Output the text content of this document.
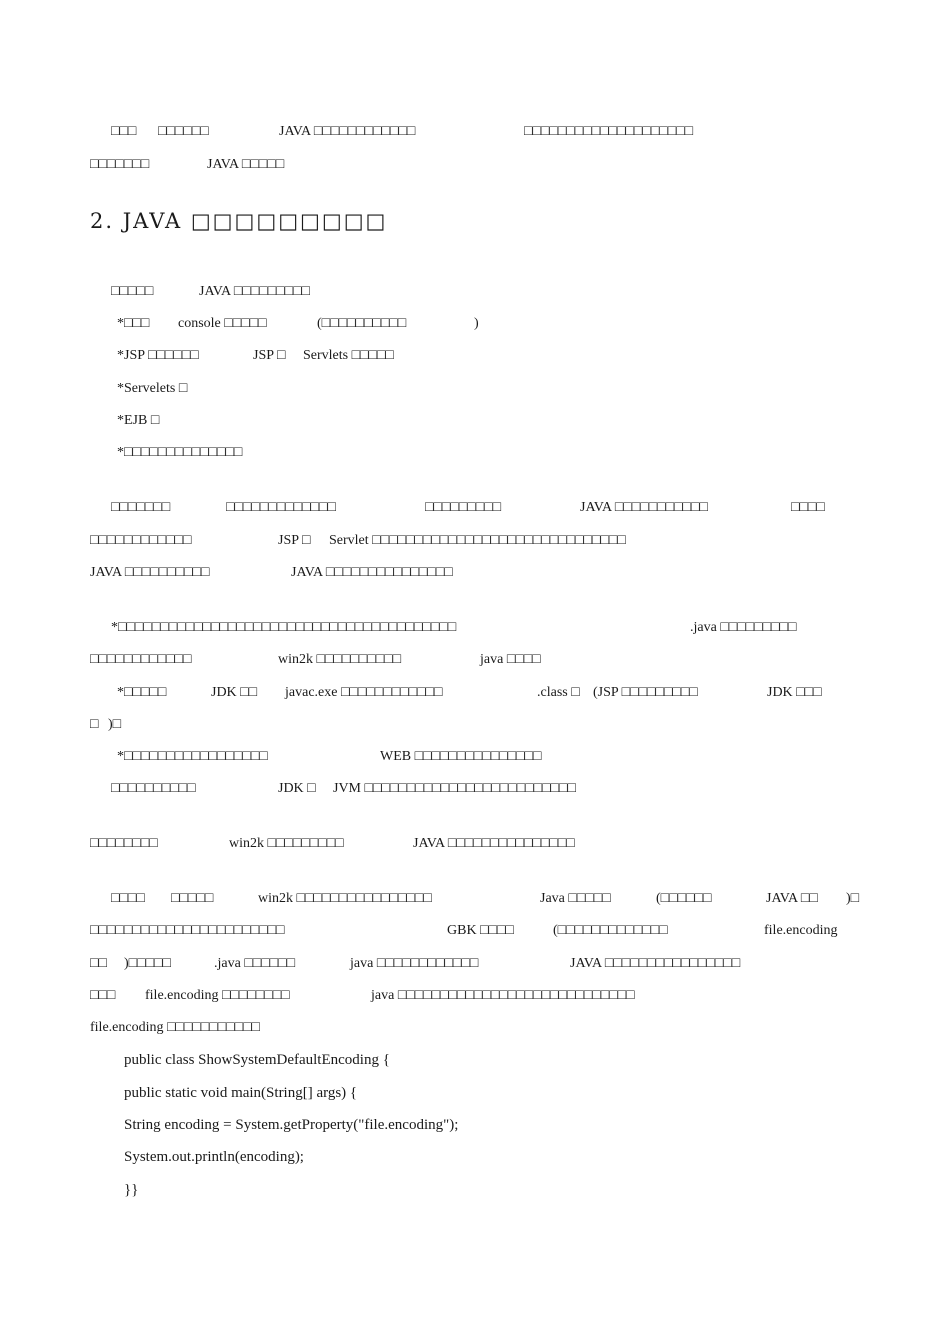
□□□ □□□□□□	JAVA □□□□□□□□□□□□	□□□□□□□□□□□□□□□□□□□□
□□□□□□□	JAVA □□□□□
2. JAVA □□□□□□□□□
□□□□□	JAVA □□□□□□□□□
*□□□ console □□□□□	(□□□□□□□□□□	)
*JSP □□□□□□	JSP □ Servlets □□□□□
*Servelets □
*EJB □
*□□□□□□□□□□□□□□
□□□□□□□	□□□□□□□□□□□□□	□□□□□□□□□	JAVA □□□□□□□□□□□	□□□□
□□□□□□□□□□□□	JSP □ Servlet □□□□□□□□□□□□□□□□□□□□□□□□□□□□□□
JAVA □□□□□□□□□□	JAVA □□□□□□□□□□□□□□□
*□□□□□□□□□□□□□□□□□□□□□□□□□□□□□□□□□□□□□□□□	.java □□□□□□□□□
□□□□□□□□□□□□	win2k □□□□□□□□□□	java □□□□
*□□□□□	JDK □□ javac.exe □□□□□□□□□□□□	.class □ (JSP □□□□□□□□□	JDK □□□
□ )□
*□□□□□□□□□□□□□□□□□	WEB □□□□□□□□□□□□□□□
□□□□□□□□□□	JDK □ JVM □□□□□□□□□□□□□□□□□□□□□□□□□
□□□□□□□□	win2k □□□□□□□□□	JAVA □□□□□□□□□□□□□□□
□□□□ □□□□□	win2k □□□□□□□□□□□□□□□□	Java □□□□□	(□□□□□□	JAVA □□ )□
□□□□□□□□□□□□□□□□□□□□□□□	GBK □□□□	(□□□□□□□□□□□□□	file.encoding
□□ )□□□□□	.java □□□□□□	java □□□□□□□□□□□□	JAVA □□□□□□□□□□□□□□□□
□□□ file.encoding □□□□□□□□	java □□□□□□□□□□□□□□□□□□□□□□□□□□□□
file.encoding □□□□□□□□□□□
public class ShowSystemDefaultEncoding {
public static void main(String[] args) {
String encoding = System.getProperty("file.encoding");
System.out.println(encoding);
}}
